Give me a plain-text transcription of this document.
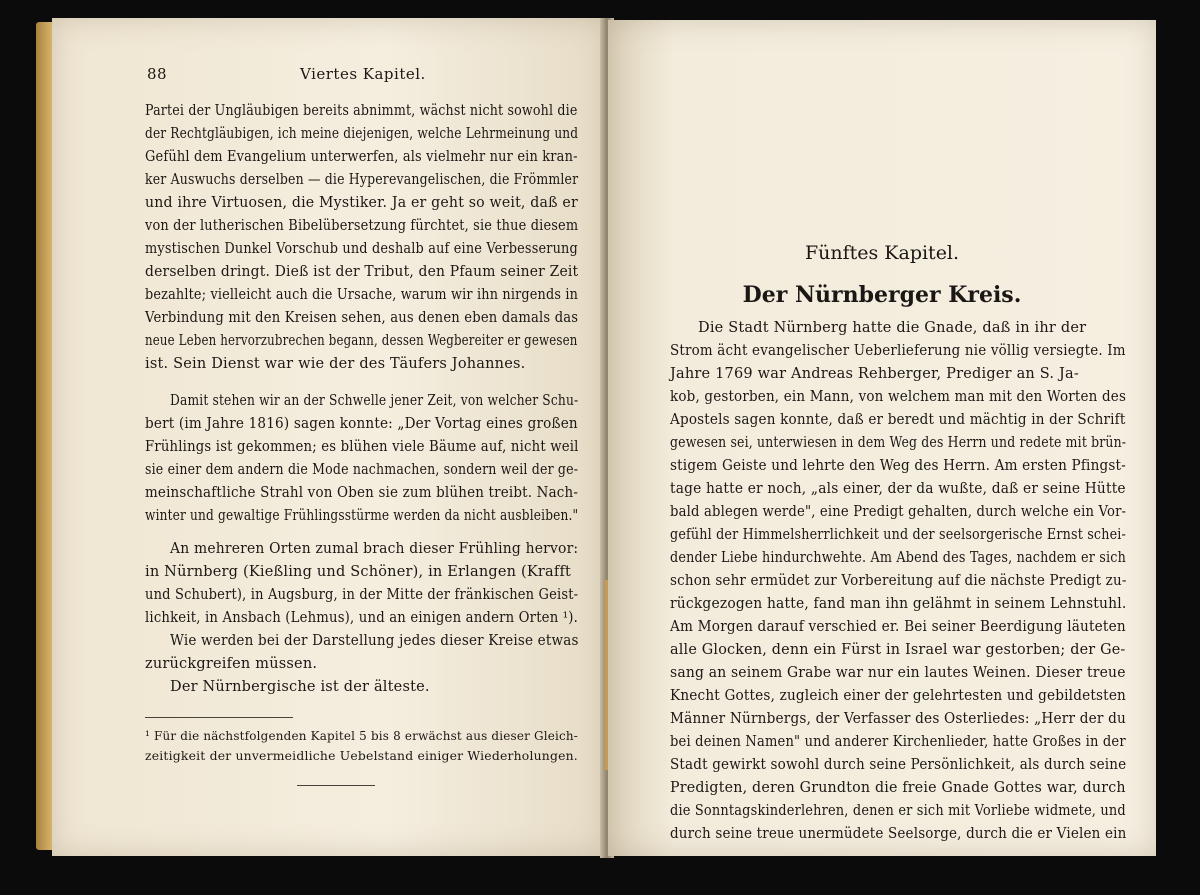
88	Viertes Kapitel.
Partei der Ungläubigen bereits abnimmt, wächst nicht sowohl die
der Rechtgläubigen, ich meine diejenigen, welche Lehrmeinung und
Gefühl dem Evangelium unterwerfen, als vielmehr nur ein kran-
ker Auswuchs derselben — die Hyperevangelischen, die Frömmler
und ihre Virtuosen, die Mystiker. Ja er geht so weit, daß er
von der lutherischen Bibelübersetzung fürchtet, sie thue diesem
mystischen Dunkel Vorschub und deshalb auf eine Verbesserung
derselben dringt. Dieß ist der Tribut, den Pfaum seiner Zeit
bezahlte; vielleicht auch die Ursache, warum wir ihn nirgends in
Verbindung mit den Kreisen sehen, aus denen eben damals das
neue Leben hervorzubrechen begann, dessen Wegbereiter er gewesen
ist. Sein Dienst war wie der des Täufers Johannes.
Damit stehen wir an der Schwelle jener Zeit, von welcher Schu-
bert (im Jahre 1816) sagen konnte: „Der Vortag eines großen
Frühlings ist gekommen; es blühen viele Bäume auf, nicht weil
sie einer dem andern die Mode nachmachen, sondern weil der ge-
meinschaftliche Strahl von Oben sie zum blühen treibt. Nach-
winter und gewaltige Frühlingsstürme werden da nicht ausbleiben."
An mehreren Orten zumal brach dieser Frühling hervor:
in Nürnberg (Kießling und Schöner), in Erlangen (Krafft
und Schubert), in Augsburg, in der Mitte der fränkischen Geist-
lichkeit, in Ansbach (Lehmus), und an einigen andern Orten ¹).
Wie werden bei der Darstellung jedes dieser Kreise etwas
zurückgreifen müssen.
Der Nürnbergische ist der älteste.
¹ Für die nächstfolgenden Kapitel 5 bis 8 erwächst aus dieser Gleich-
zeitigkeit der unvermeidliche Uebelstand einiger Wiederholungen.
Fünftes Kapitel.
Der Nürnberger Kreis.
Die Stadt Nürnberg hatte die Gnade, daß in ihr der
Strom ächt evangelischer Ueberlieferung nie völlig versiegte. Im
Jahre 1769 war Andreas Rehberger, Prediger an S. Ja-
kob, gestorben, ein Mann, von welchem man mit den Worten des
Apostels sagen konnte, daß er beredt und mächtig in der Schrift
gewesen sei, unterwiesen in dem Weg des Herrn und redete mit brün-
stigem Geiste und lehrte den Weg des Herrn. Am ersten Pfingst-
tage hatte er noch, „als einer, der da wußte, daß er seine Hütte
bald ablegen werde", eine Predigt gehalten, durch welche ein Vor-
gefühl der Himmelsherrlichkeit und der seelsorgerische Ernst schei-
dender Liebe hindurchwehte. Am Abend des Tages, nachdem er sich
schon sehr ermüdet zur Vorbereitung auf die nächste Predigt zu-
rückgezogen hatte, fand man ihn gelähmt in seinem Lehnstuhl.
Am Morgen darauf verschied er. Bei seiner Beerdigung läuteten
alle Glocken, denn ein Fürst in Israel war gestorben; der Ge-
sang an seinem Grabe war nur ein lautes Weinen. Dieser treue
Knecht Gottes, zugleich einer der gelehrtesten und gebildetsten
Männer Nürnbergs, der Verfasser des Osterliedes: „Herr der du
bei deinen Namen" und anderer Kirchenlieder, hatte Großes in der
Stadt gewirkt sowohl durch seine Persönlichkeit, als durch seine
Predigten, deren Grundton die freie Gnade Gottes war, durch
die Sonntagskinderlehren, denen er sich mit Vorliebe widmete, und
durch seine treue unermüdete Seelsorge, durch die er Vielen ein
